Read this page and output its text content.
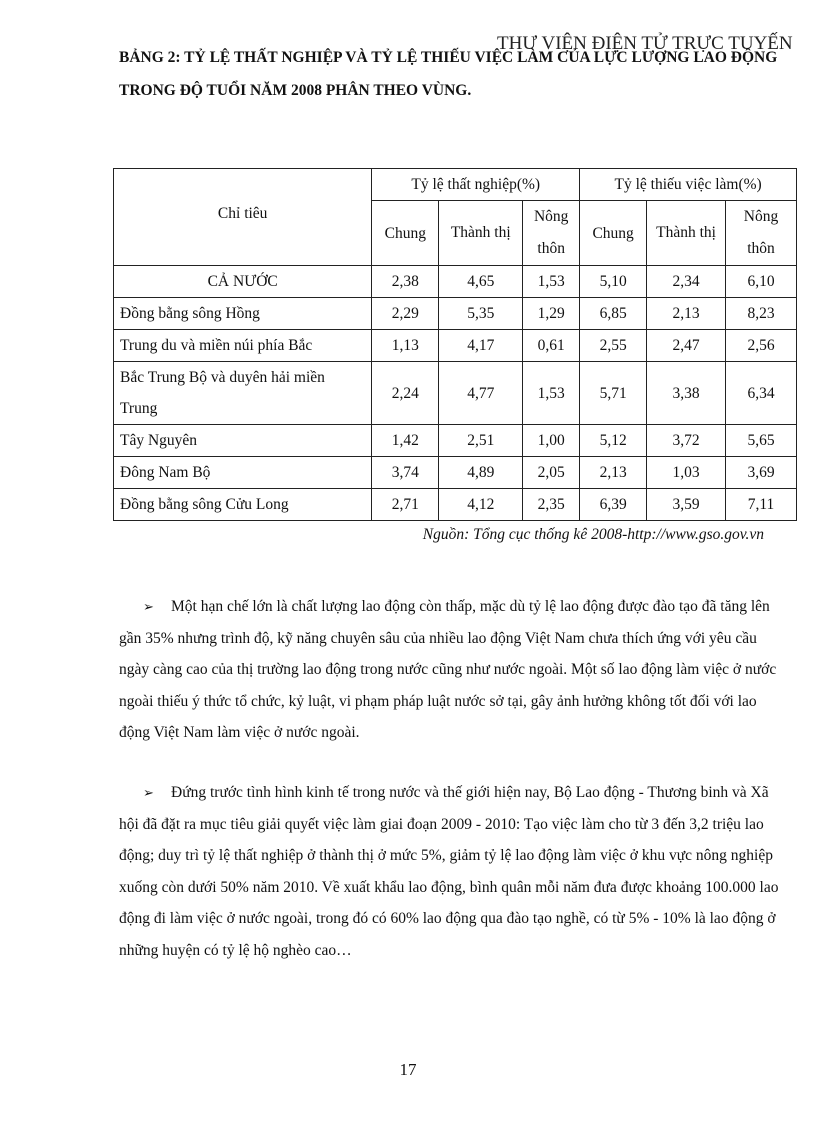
THƯ VIỆN ĐIỆN TỬ TRỰC TUYẾN

BẢNG 2: TỶ LỆ THẤT NGHIỆP VÀ TỶ LỆ THIẾU VIỆC LÀM CỦA LỰC LƯỢNG LAO ĐỘNG TRONG ĐỘ TUỔI NĂM 2008 PHÂN THEO VÙNG.

Chỉ tiêu	Tỷ lệ thất nghiệp(%)			Tỷ lệ thiếu việc làm(%)		
	Chung	Thành thị	Nông thôn	Chung	Thành thị	Nông thôn
CẢ NƯỚC	2,38	4,65	1,53	5,10	2,34	6,10
Đồng bằng sông Hồng	2,29	5,35	1,29	6,85	2,13	8,23
Trung du và miền núi phía Bắc	1,13	4,17	0,61	2,55	2,47	2,56
Bắc Trung Bộ và duyên hải miền Trung	2,24	4,77	1,53	5,71	3,38	6,34
Tây Nguyên	1,42	2,51	1,00	5,12	3,72	5,65
Đông Nam Bộ	3,74	4,89	2,05	2,13	1,03	3,69
Đồng bằng sông Cửu Long	2,71	4,12	2,35	6,39	3,59	7,11
Nguồn: Tổng cục thống kê 2008-http://www.gso.gov.vn

➢ Một hạn chế lớn là chất lượng lao động còn thấp, mặc dù tỷ lệ lao động được đào tạo đã tăng lên gần 35% nhưng trình độ, kỹ năng chuyên sâu của nhiều lao động Việt Nam chưa thích ứng với yêu cầu ngày càng cao của thị trường lao động trong nước cũng như nước ngoài. Một số lao động làm việc ở nước ngoài thiếu ý thức tổ chức, kỷ luật, vi phạm pháp luật nước sở tại, gây ảnh hưởng không tốt đối với lao động Việt Nam làm việc ở nước ngoài.

➢ Đứng trước tình hình kinh tế trong nước và thế giới hiện nay, Bộ Lao động - Thương binh và Xã hội đã đặt ra mục tiêu giải quyết việc làm giai đoạn 2009 - 2010: Tạo việc làm cho từ 3 đến 3,2 triệu lao động; duy trì tỷ lệ thất nghiệp ở thành thị ở mức 5%, giảm tỷ lệ lao động làm việc ở khu vực nông nghiệp xuống còn dưới 50% năm 2010. Về xuất khẩu lao động, bình quân mỗi năm đưa được khoảng 100.000 lao động đi làm việc ở nước ngoài, trong đó có 60% lao động qua đào tạo nghề, có từ 5% - 10% là lao động ở những huyện có tỷ lệ hộ nghèo cao…

17
